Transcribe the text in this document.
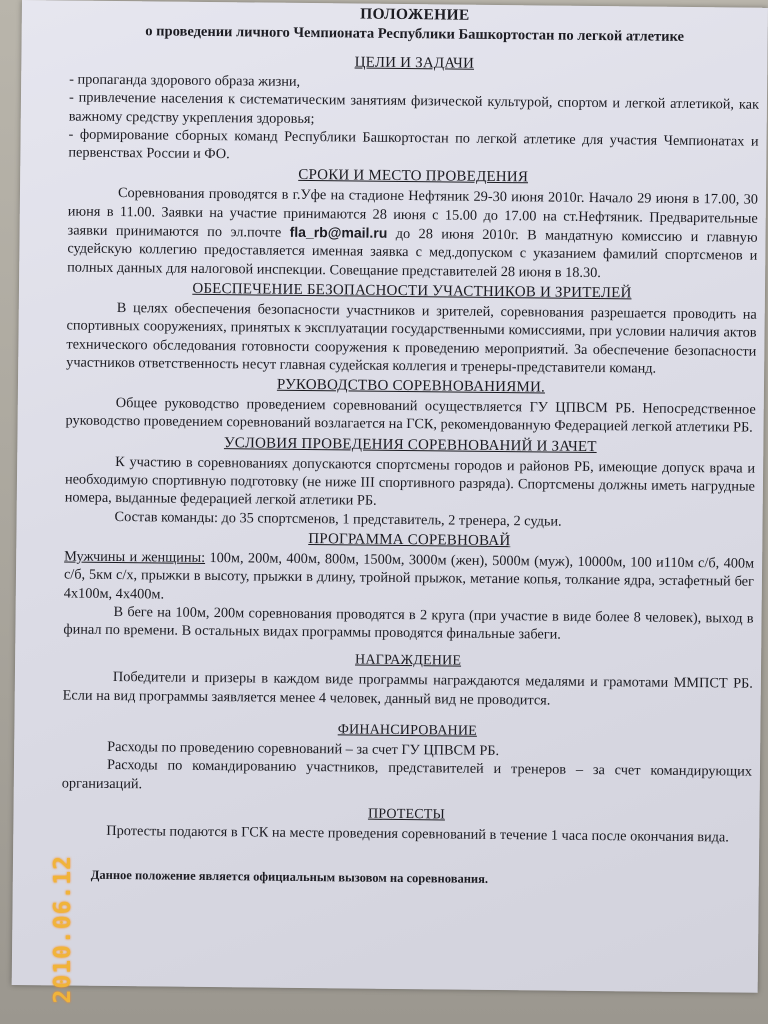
ПОЛОЖЕНИЕ
о проведении личного Чемпионата Республики Башкортостан по легкой атлетике
ЦЕЛИ И ЗАДАЧИ

- пропаганда здорового образа жизни,

- привлечение населения к систематическим занятиям физической культурой, спортом и легкой атлетикой, как важному средству укрепления здоровья;

- формирование сборных команд Республики Башкортостан по легкой атлетике для участия Чемпионатах и первенствах России и ФО.

СРОКИ И МЕСТО ПРОВЕДЕНИЯ

Соревнования проводятся в г.Уфе на стадионе Нефтяник 29-30 июня 2010г. Начало 29 июня в 17.00, 30 июня в 11.00. Заявки на участие принимаются 28 июня с 15.00 до 17.00 на ст.Нефтяник. Предварительные заявки принимаются по эл.почте fla_rb@mail.ru до 28 июня 2010г. В мандатную комиссию и главную судейскую коллегию предоставляется именная заявка с мед.допуском с указанием фамилий спортсменов и полных данных для налоговой инспекции. Совещание представителей 28 июня в 18.30.

ОБЕСПЕЧЕНИЕ БЕЗОПАСНОСТИ УЧАСТНИКОВ И ЗРИТЕЛЕЙ

В целях обеспечения безопасности участников и зрителей, соревнования разрешается проводить на спортивных сооружениях, принятых к эксплуатации государственными комиссиями, при условии наличия актов технического обследования готовности сооружения к проведению мероприятий. За обеспечение безопасности участников ответственность несут главная судейская коллегия и тренеры-представители команд.

РУКОВОДСТВО СОРЕВНОВАНИЯМИ.

Общее руководство проведением соревнований осуществляется ГУ ЦПВСМ РБ. Непосредственное руководство проведением соревнований возлагается на ГСК, рекомендованную Федерацией легкой атлетики РБ.

УСЛОВИЯ ПРОВЕДЕНИЯ СОРЕВНОВАНИЙ И ЗАЧЕТ

К участию в соревнованиях допускаются спортсмены городов и районов РБ, имеющие допуск врача и необходимую спортивную подготовку (не ниже III спортивного разряда). Спортсмены должны иметь нагрудные номера, выданные федерацией легкой атлетики РБ.

Состав команды: до 35 спортсменов, 1 представитель, 2 тренера, 2 судьи.

ПРОГРАММА СОРЕВНОВАЙ

Мужчины и женщины: 100м, 200м, 400м, 800м, 1500м, 3000м (жен), 5000м (муж), 10000м, 100 и110м с/б, 400м с/б, 5км с/х, прыжки в высоту, прыжки в длину, тройной прыжок, метание копья, толкание ядра, эстафетный бег 4х100м, 4х400м.

В беге на 100м, 200м соревнования проводятся в 2 круга (при участие в виде более 8 человек), выход в финал по времени. В остальных видах программы проводятся финальные забеги.

НАГРАЖДЕНИЕ

Победители и призеры в каждом виде программы награждаются медалями и грамотами ММПСТ РБ. Если на вид программы заявляется менее 4 человек, данный вид не проводится.

ФИНАНСИРОВАНИЕ

Расходы по проведению соревнований – за счет ГУ ЦПВСМ РБ.

Расходы по командированию участников, представителей и тренеров – за счет командирующих организаций.

ПРОТЕСТЫ

Протесты подаются в ГСК на месте проведения соревнований в течение 1 часа после окончания вида.

Данное положение является официальным вызовом на соревнования.
2010.06.12
